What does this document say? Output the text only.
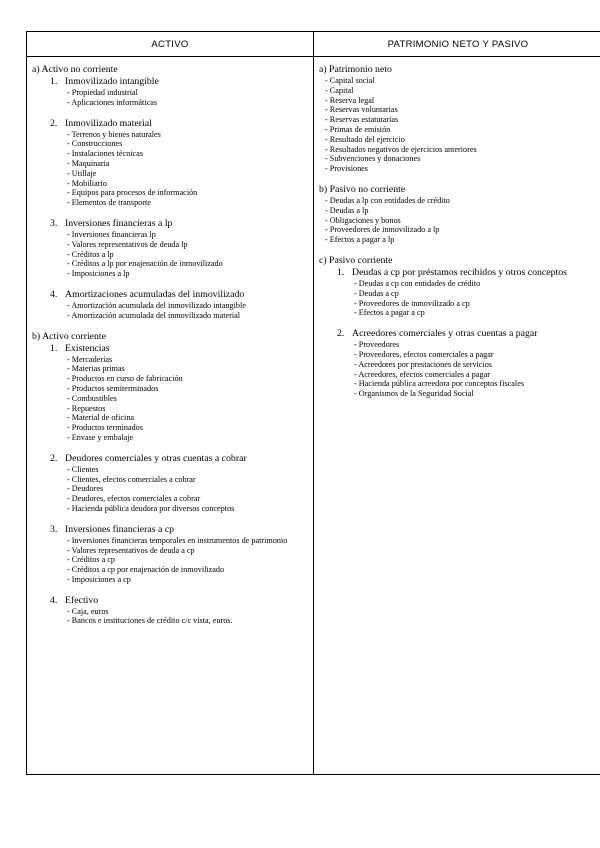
ACTIVO
a) Activo no corriente
1. Inmovilizado intangible
- Propiedad industrial
- Aplicaciones informáticas
2. Inmovilizado material
- Terrenos y bienes naturales
- Construcciones
- Instalaciones técnicas
- Maquinaria
- Utillaje
- Mobiliario
- Equipos para procesos de información
- Elementos de transporte
3. Inversiones financieras a lp
- Inversiones financieras lp
- Valores representativos de deuda lp
- Créditos a lp
- Créditos a lp por enajenación de inmovilizado
- Imposiciones a lp
4. Amortizaciones acumuladas del inmovilizado
- Amortización acumulada del inmovilizado intangible
- Amortización acumulada del inmovilizado material
b) Activo corriente
1. Existencias
- Mercaderías
- Materias primas
- Productos en curso de fabricación
- Productos semiterminados
- Combustibles
- Repuestos
- Material de oficina
- Productos terminados
- Envase y embalaje
2. Deudores comerciales y otras cuentas a cobrar
- Clientes
- Clientes, efectos comerciales a cobrar
- Deudores
- Deudores, efectos comerciales a cobrar
- Hacienda pública deudora por diversos conceptos
3. Inversiones financieras a cp
- Inversiones financieras temporales en instrumentos de patrimonio
- Valores representativos de deuda a cp
- Créditos a cp
- Créditos a cp por enajenación de inmovilizado
- Imposiciones a cp
4. Efectivo
- Caja, euros
- Bancos e instituciones de crédito c/c vista, euros.
PATRIMONIO NETO Y PASIVO
a) Patrimonio neto
- Capital social
- Capital
- Reserva legal
- Reservas voluntarias
- Reservas estatutarias
- Primas de emisión
- Resultado del ejercicio
- Resultados negativos de ejercicios anteriores
- Subvenciones y donaciones
- Provisiones
b) Pasivo no corriente
- Deudas a lp con entidades de crédito
- Deudas a lp
- Obligaciones y bonos
- Proveedores de inmovilizado a lp
- Efectos a pagar a lp
c) Pasivo corriente
1. Deudas a cp por préstamos recibidos y otros conceptos
- Deudas a cp con entidades de crédito
- Deudas a cp
- Proveedores de inmovilizado a cp
- Efectos a pagar a cp
2. Acreedores comerciales y otras cuentas a pagar
- Proveedores
- Proveedores, efectos comerciales a pagar
- Acreedores por prestaciones de servicios
- Acreedores, efectos comerciales a pagar
- Hacienda pública acreedora por conceptos fiscales
- Organismos de la Seguridad Social
